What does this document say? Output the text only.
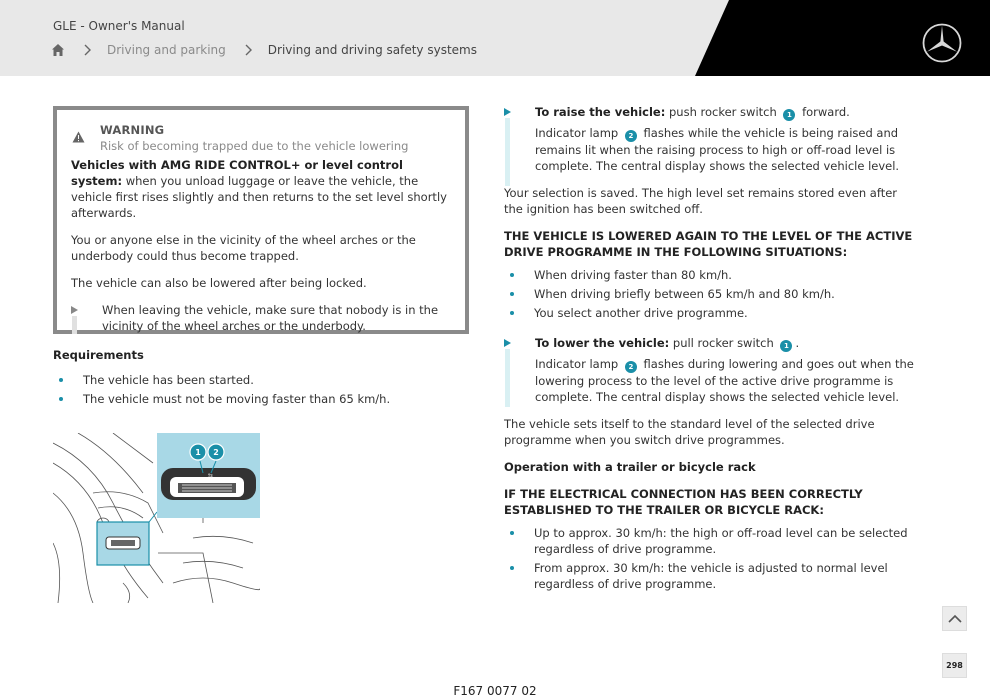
GLE - Owner's Manual
Driving and parking	Driving and driving safety systems
WARNING
Risk of becoming trapped due to the vehicle lowering

Vehicles with AMG RIDE CONTROL+ or level control system: when you unload luggage or leave the vehicle, the vehicle first rises slightly and then returns to the set level shortly afterwards.

You or anyone else in the vicinity of the wheel arches or the underbody could thus become trapped.

The vehicle can also be lowered after being locked.

When leaving the vehicle, make sure that nobody is in the vicinity of the wheel arches or the underbody.

Requirements
The vehicle has been started.
The vehicle must not be moving faster than 65 km/h.
⇆
1 2

To raise the vehicle: push rocker switch 1 forward.

Indicator lamp 2 flashes while the vehicle is being raised and remains lit when the raising process to high or off-road level is complete. The central display shows the selected vehicle level.

Your selection is saved. The high level set remains stored even after the ignition has been switched off.

THE VEHICLE IS LOWERED AGAIN TO THE LEVEL OF THE ACTIVE DRIVE PROGRAMME IN THE FOLLOWING SITUATIONS:

When driving faster than 80 km/h.
When driving briefly between 65 km/h and 80 km/h.
You select another drive programme.

To lower the vehicle: pull rocker switch 1 .

Indicator lamp 2 flashes during lowering and goes out when the lowering process to the level of the active drive programme is complete. The central display shows the selected vehicle level.

The vehicle sets itself to the standard level of the selected drive programme when you switch drive programmes.

Operation with a trailer or bicycle rack

IF THE ELECTRICAL CONNECTION HAS BEEN CORRECTLY ESTABLISHED TO THE TRAILER OR BICYCLE RACK:

Up to approx. 30 km/h: the high or off-road level can be selected regardless of drive programme.
From approx. 30 km/h: the vehicle is adjusted to normal level regardless of drive programme.
298
F167 0077 02
